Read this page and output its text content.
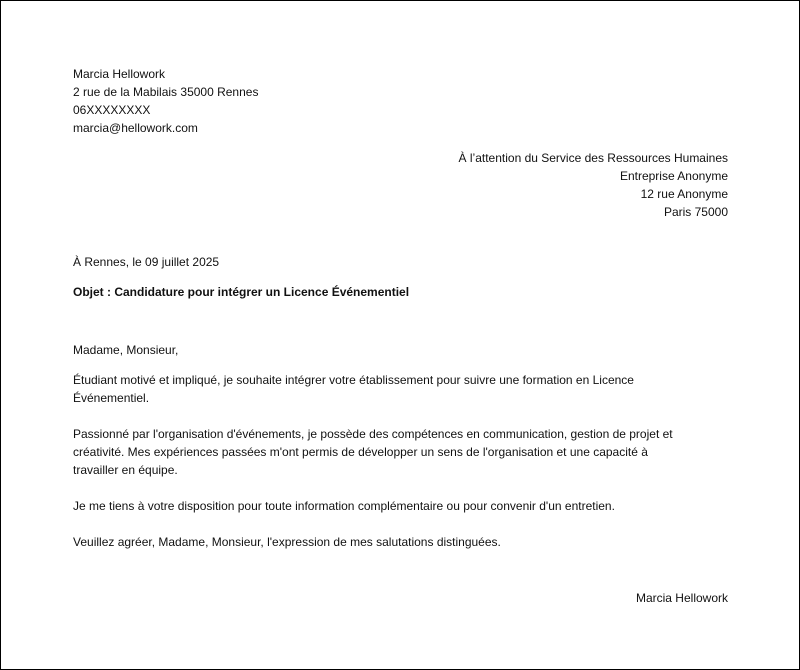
Marcia Hellowork
2 rue de la Mabilais 35000 Rennes
06XXXXXXXX
marcia@hellowork.com
À l’attention du Service des Ressources Humaines
Entreprise Anonyme
12 rue Anonyme
Paris 75000
À Rennes, le 09 juillet 2025
Objet : Candidature pour intégrer un Licence Événementiel
Madame, Monsieur,
Étudiant motivé et impliqué, je souhaite intégrer votre établissement pour suivre une formation en Licence
Événementiel.
Passionné par l'organisation d'événements, je possède des compétences en communication, gestion de projet et
créativité. Mes expériences passées m'ont permis de développer un sens de l'organisation et une capacité à
travailler en équipe.
Je me tiens à votre disposition pour toute information complémentaire ou pour convenir d'un entretien.
Veuillez agréer, Madame, Monsieur, l'expression de mes salutations distinguées.
Marcia Hellowork
